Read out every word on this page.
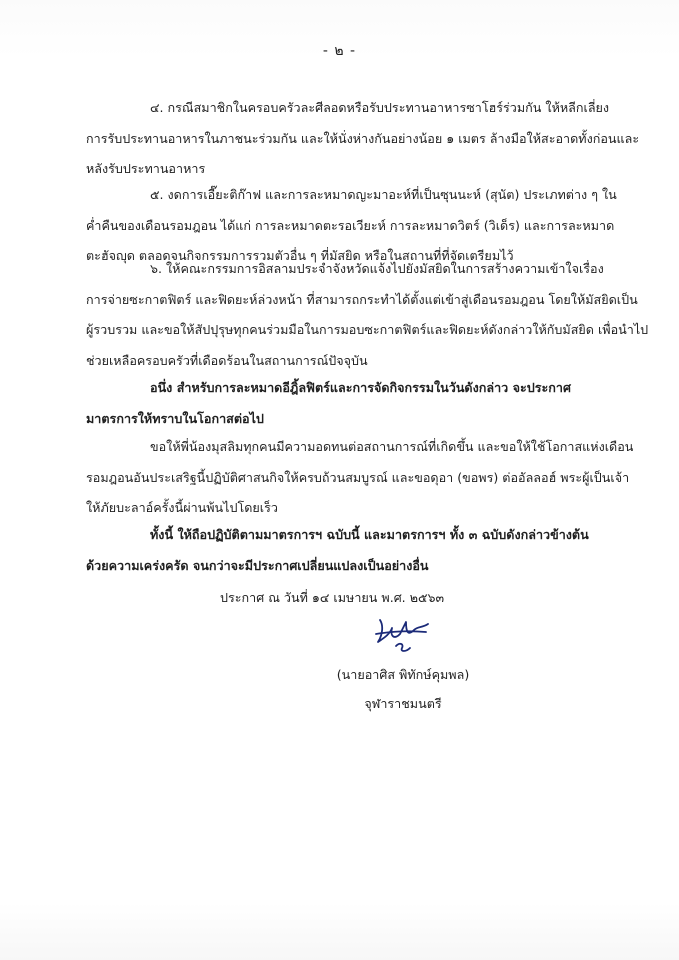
- ๒ -

๔. กรณีสมาชิกในครอบครัวละศีลอดหรือรับประทานอาหารซาโฮร์ร่วมกัน ให้หลีกเลี่ยง
การรับประทานอาหารในภาชนะร่วมกัน และให้นั่งห่างกันอย่างน้อย ๑ เมตร ล้างมือให้สะอาดทั้งก่อนและ
หลังรับประทานอาหาร

๕. งดการเอี๊ยะติก๊าฟ และการละหมาดญะมาอะห์ที่เป็นซุนนะห์ (สุนัต) ประเภทต่าง ๆ ใน
ค่ำคืนของเดือนรอมฎอน ได้แก่ การละหมาดตะรอเวียะห์ การละหมาดวิตร์ (วิเด็ร) และการละหมาด
ตะฮัจญุด ตลอดจนกิจกรรมการรวมตัวอื่น ๆ ที่มัสยิด หรือในสถานที่ที่จัดเตรียมไว้

๖. ให้คณะกรรมการอิสลามประจำจังหวัดแจ้งไปยังมัสยิดในการสร้างความเข้าใจเรื่อง
การจ่ายซะกาตฟิตร์ และฟิดยะห์ล่วงหน้า ที่สามารถกระทำได้ตั้งแต่เข้าสู่เดือนรอมฎอน โดยให้มัสยิดเป็น
ผู้รวบรวม และขอให้สัปปุรุษทุกคนร่วมมือในการมอบซะกาตฟิตร์และฟิดยะห์ดังกล่าวให้กับมัสยิด เพื่อนำไป
ช่วยเหลือครอบครัวที่เดือดร้อนในสถานการณ์ปัจจุบัน

อนึ่ง สำหรับการละหมาดอีฎิ้ลฟิตร์และการจัดกิจกรรมในวันดังกล่าว จะประกาศ
มาตรการให้ทราบในโอกาสต่อไป

ขอให้พี่น้องมุสลิมทุกคนมีความอดทนต่อสถานการณ์ที่เกิดขึ้น และขอให้ใช้โอกาสแห่งเดือน
รอมฎอนอันประเสริฐนี้ปฏิบัติศาสนกิจให้ครบถ้วนสมบูรณ์ และขอดุอา (ขอพร) ต่ออัลลอฮ์ พระผู้เป็นเจ้า
ให้ภัยบะลาอ์ครั้งนี้ผ่านพ้นไปโดยเร็ว

ทั้งนี้ ให้ถือปฏิบัติตามมาตรการฯ ฉบับนี้ และมาตรการฯ ทั้ง ๓ ฉบับดังกล่าวข้างต้น
ด้วยความเคร่งครัด จนกว่าจะมีประกาศเปลี่ยนแปลงเป็นอย่างอื่น

ประกาศ ณ วันที่ ๑๔ เมษายน พ.ศ. ๒๕๖๓
(นายอาศิส พิทักษ์คุมพล)
จุฬาราชมนตรี
